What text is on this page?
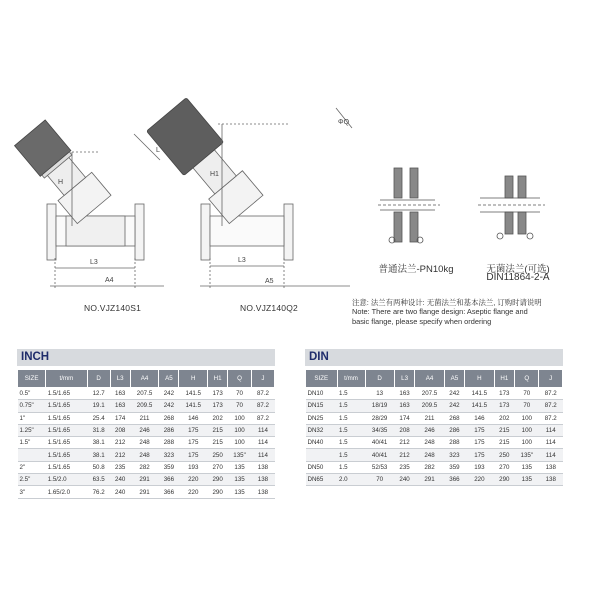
L3
A4
H
L
L3
A5
H1
ΦQ
NO.VJZ140S1	NO.VJZ140Q2
普通法兰-PN10kg	无菌法兰(可选)
DIN11864-2-A
注意: 法兰有两种设计: 无菌法兰和基本法兰, 订购时请说明
Note: There are two flange design: Aseptic flange and
basic flange, please specify when ordering
INCH
SIZE	t/mm	D	L3	A4	A5	H	H1	Q	J
0.5"	1.5/1.65	12.7	163	207.5	242	141.5	173	70	87.2
0.75"	1.5/1.65	19.1	163	209.5	242	141.5	173	70	87.2
1"	1.5/1.65	25.4	174	211	268	146	202	100	87.2
1.25"	1.5/1.65	31.8	208	246	286	175	215	100	114
1.5"	1.5/1.65	38.1	212	248	288	175	215	100	114
	1.5/1.65	38.1	212	248	323	175	250	135"	114
2"	1.5/1.65	50.8	235	282	359	193	270	135	138
2.5"	1.5/2.0	63.5	240	291	366	220	290	135	138
3"	1.65/2.0	76.2	240	291	366	220	290	135	138
DIN
SIZE	t/mm	D	L3	A4	A5	H	H1	Q	J
DN10	1.5	13	163	207.5	242	141.5	173	70	87.2
DN15	1.5	18/19	163	209.5	242	141.5	173	70	87.2
DN25	1.5	28/29	174	211	268	146	202	100	87.2
DN32	1.5	34/35	208	246	286	175	215	100	114
DN40	1.5	40/41	212	248	288	175	215	100	114
	1.5	40/41	212	248	323	175	250	135"	114
DN50	1.5	52/53	235	282	359	193	270	135	138
DN65	2.0	70	240	291	366	220	290	135	138
